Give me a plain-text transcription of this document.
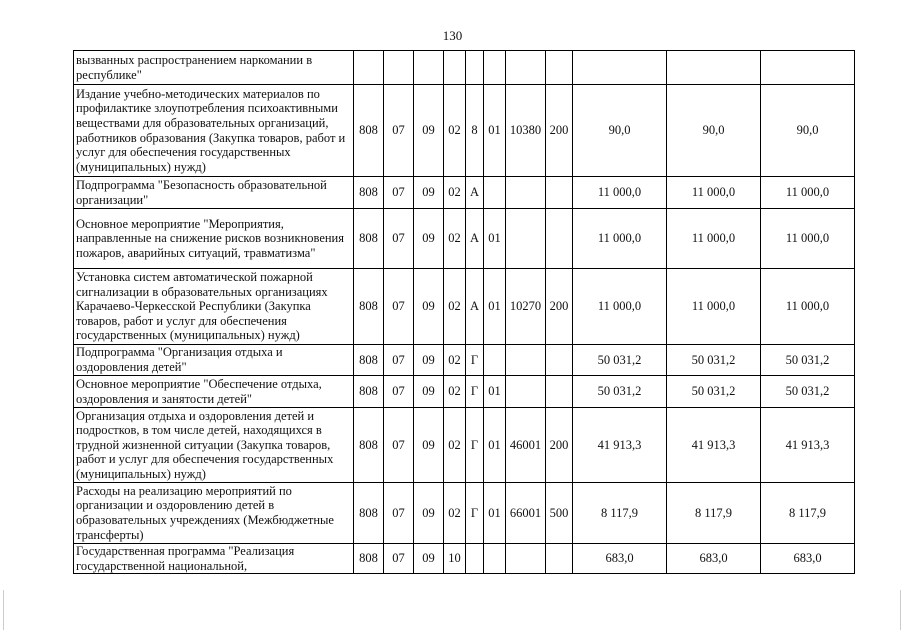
130
вызванных распространением наркомании в республике"											
Издание учебно-методических материалов по профилактике злоупотребления психоактивными веществами для образовательных организаций, работников образования (Закупка товаров, работ и услуг для обеспечения государственных (муниципальных) нужд)	808	07	09	02	8	01	10380	200	90,0	90,0	90,0
Подпрограмма "Безопасность образовательной организации"	808	07	09	02	А				11 000,0	11 000,0	11 000,0
Основное мероприятие "Мероприятия, направленные на снижение рисков возникновения пожаров, аварийных ситуаций, травматизма"	808	07	09	02	А	01			11 000,0	11 000,0	11 000,0
Установка систем автоматической пожарной сигнализации в образовательных организациях Карачаево-Черкесской Республики (Закупка товаров, работ и услуг для обеспечения государственных (муниципальных) нужд)	808	07	09	02	А	01	10270	200	11 000,0	11 000,0	11 000,0
Подпрограмма "Организация отдыха и оздоровления детей"	808	07	09	02	Г				50 031,2	50 031,2	50 031,2
Основное мероприятие "Обеспечение отдыха, оздоровления и занятости детей"	808	07	09	02	Г	01			50 031,2	50 031,2	50 031,2
Организация отдыха и оздоровления детей и подростков, в том числе детей, находящихся в трудной жизненной ситуации (Закупка товаров, работ и услуг для обеспечения государственных (муниципальных) нужд)	808	07	09	02	Г	01	46001	200	41 913,3	41 913,3	41 913,3
Расходы на реализацию мероприятий по организации и оздоровлению детей в образовательных учреждениях (Межбюджетные трансферты)	808	07	09	02	Г	01	66001	500	8 117,9	8 117,9	8 117,9
Государственная программа "Реализация государственной национальной,	808	07	09	10					683,0	683,0	683,0
